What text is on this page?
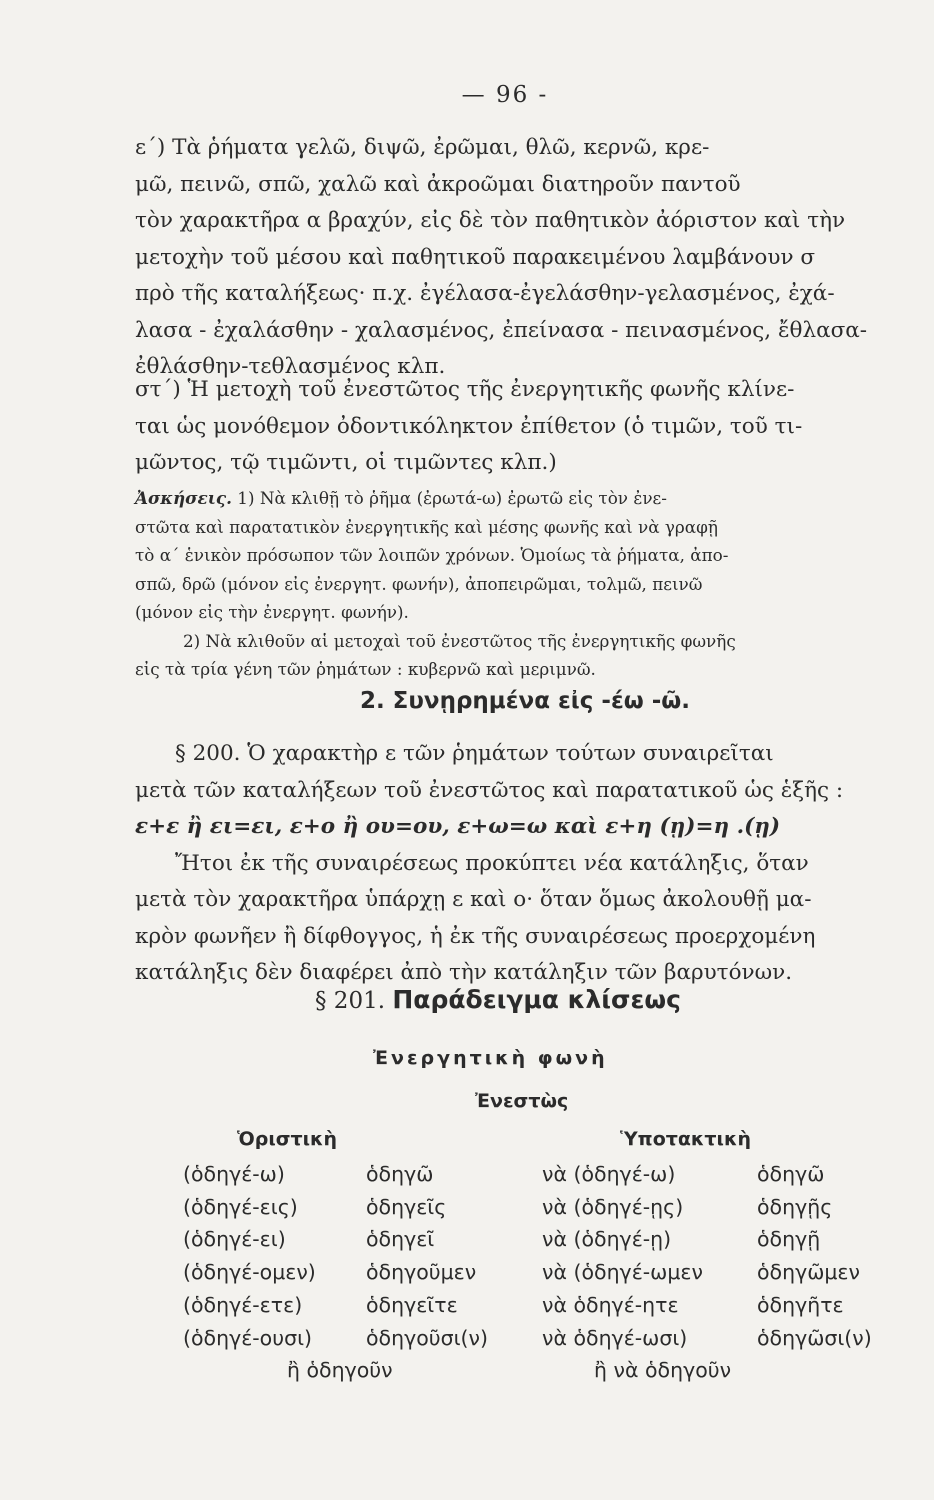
— 96 -
ε΄) Τὰ ῥήματα γελῶ, διψῶ, ἐρῶμαι, θλῶ, κερνῶ, κρε-
μῶ, πεινῶ, σπῶ, χαλῶ καὶ ἀκροῶμαι διατηροῦν παντοῦ
τὸν χαρακτῆρα α βραχύν, εἰς δὲ τὸν παθητικὸν ἀόριστον καὶ τὴν
μετοχὴν τοῦ μέσου καὶ παθητικοῦ παρακειμένου λαμβάνουν σ
πρὸ τῆς καταλήξεως· π.χ. ἐγέλασα-ἐγελάσθην-γελασμένος, ἐχά-
λασα - ἐχαλάσθην - χαλασμένος, ἐπείνασα - πεινασμένος, ἔθλασα-
ἐθλάσθην-τεθλασμένος κλπ.
στ΄) Ἡ μετοχὴ τοῦ ἐνεστῶτος τῆς ἐνεργητικῆς φωνῆς κλίνε-
ται ὡς μονόθεμον ὀδοντικόληκτον ἐπίθετον (ὁ τιμῶν, τοῦ τι-
μῶντος, τῷ τιμῶντι, οἱ τιμῶντες κλπ.)
Ἀσκήσεις. 1) Νὰ κλιθῇ τὸ ῥῆμα (ἐρωτά-ω) ἐρωτῶ εἰς τὸν ἐνε-
στῶτα καὶ παρατατικὸν ἐνεργητικῆς καὶ μέσης φωνῆς καὶ νὰ γραφῇ
τὸ α΄ ἑνικὸν πρόσωπον τῶν λοιπῶν χρόνων. Ὁμοίως τὰ ῥήματα, ἀπο-
σπῶ, δρῶ (μόνον εἰς ἐνεργητ. φωνήν), ἀποπειρῶμαι, τολμῶ, πεινῶ
(μόνον εἰς τὴν ἐνεργητ. φωνήν).
2) Νὰ κλιθοῦν αἱ μετοχαὶ τοῦ ἐνεστῶτος τῆς ἐνεργητικῆς φωνῆς
εἰς τὰ τρία γένη τῶν ῥημάτων : κυβερνῶ καὶ μεριμνῶ.
2. Συνῃρημένα εἰς -έω -ῶ.
§ 200. Ὁ χαρακτὴρ ε τῶν ῥημάτων τούτων συναιρεῖται
μετὰ τῶν καταλήξεων τοῦ ἐνεστῶτος καὶ παρατατικοῦ ὡς ἑξῆς :
ε+ε ἢ ει=ει, ε+ο ἢ ου=ου, ε+ω=ω καὶ ε+η (ῃ)=η .(ῃ)
Ἤτοι ἐκ τῆς συναιρέσεως προκύπτει νέα κατάληξις, ὅταν
μετὰ τὸν χαρακτῆρα ὑπάρχῃ ε καὶ ο· ὅταν ὅμως ἀκολουθῇ μα-
κρὸν φωνῆεν ἢ δίφθογγος, ἡ ἐκ τῆς συναιρέσεως προερχομένη
κατάληξις δὲν διαφέρει ἀπὸ τὴν κατάληξιν τῶν βαρυτόνων.
§ 201. Παράδειγμα κλίσεως
Ἐνεργητικὴ φωνὴ
Ἐνεστὼς
Ὁριστικὴ	Ὑποτακτικὴ
(ὁδηγέ-ω)
(ὁδηγέ-εις)
(ὁδηγέ-ει)
(ὁδηγέ-ομεν)
(ὁδηγέ-ετε)
(ὁδηγέ-ουσι)
ὁδηγῶ
ὁδηγεῖς
ὁδηγεῖ
ὁδηγοῦμεν
ὁδηγεῖτε
ὁδηγοῦσι(ν)
ἢ ὁδηγοῦν
νὰ (ὁδηγέ-ω)
νὰ (ὁδηγέ-ῃς)
νὰ (ὁδηγέ-ῃ)
νὰ (ὁδηγέ-ωμεν
νὰ ὁδηγέ-ητε
νὰ ὁδηγέ-ωσι)
ὁδηγῶ
ὁδηγῇς
ὁδηγῇ
ὁδηγῶμεν
ὁδηγῆτε
ὁδηγῶσι(ν)
ἢ νὰ ὁδηγοῦν
